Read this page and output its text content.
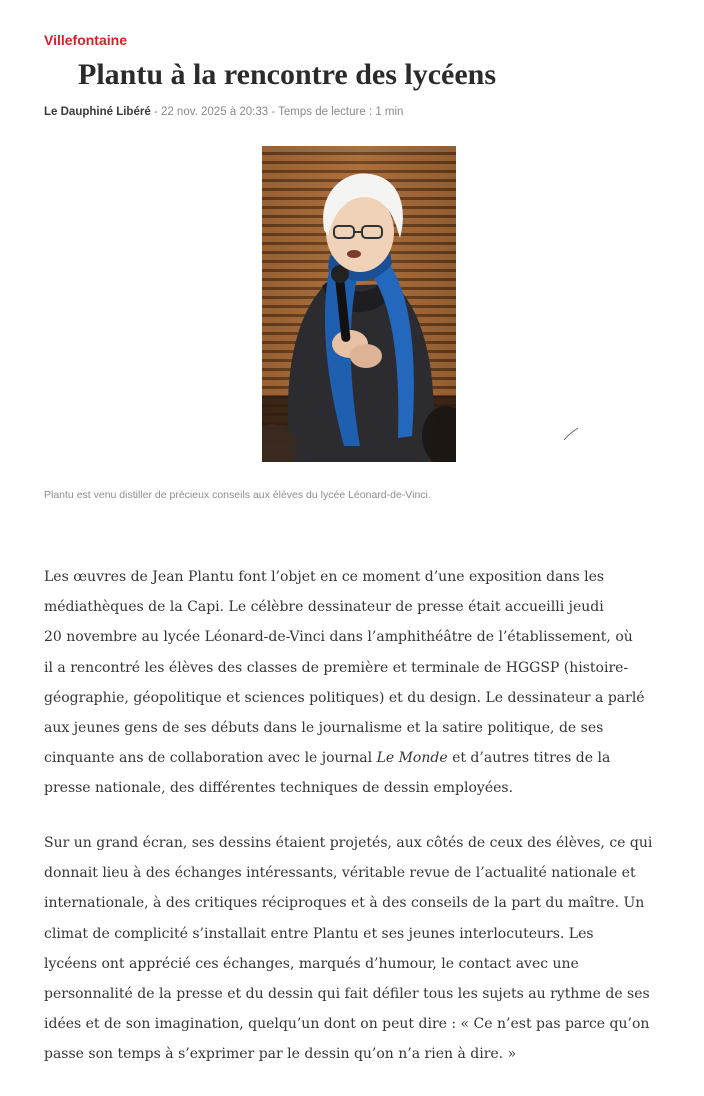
Villefontaine
Plantu à la rencontre des lycéens
Le Dauphiné Libéré - 22 nov. 2025 à 20:33 - Temps de lecture : 1 min
Plantu est venu distiller de précieux conseils aux élèves du lycée Léonard-de-Vinci.

Les œuvres de Jean Plantu font l’objet en ce moment d’une exposition dans les
médiathèques de la Capi. Le célèbre dessinateur de presse était accueilli jeudi
20 novembre au lycée Léonard-de-Vinci dans l’amphithéâtre de l’établissement, où
il a rencontré les élèves des classes de première et terminale de HGGSP (histoire-
géographie, géopolitique et sciences politiques) et du design. Le dessinateur a parlé
aux jeunes gens de ses débuts dans le journalisme et la satire politique, de ses
cinquante ans de collaboration avec le journal Le Monde et d’autres titres de la
presse nationale, des différentes techniques de dessin employées.

Sur un grand écran, ses dessins étaient projetés, aux côtés de ceux des élèves, ce qui
donnait lieu à des échanges intéressants, véritable revue de l’actualité nationale et
internationale, à des critiques réciproques et à des conseils de la part du maître. Un
climat de complicité s’installait entre Plantu et ses jeunes interlocuteurs. Les
lycéens ont apprécié ces échanges, marqués d’humour, le contact avec une
personnalité de la presse et du dessin qui fait défiler tous les sujets au rythme de ses
idées et de son imagination, quelqu’un dont on peut dire : « Ce n’est pas parce qu’on
passe son temps à s’exprimer par le dessin qu’on n’a rien à dire. »
